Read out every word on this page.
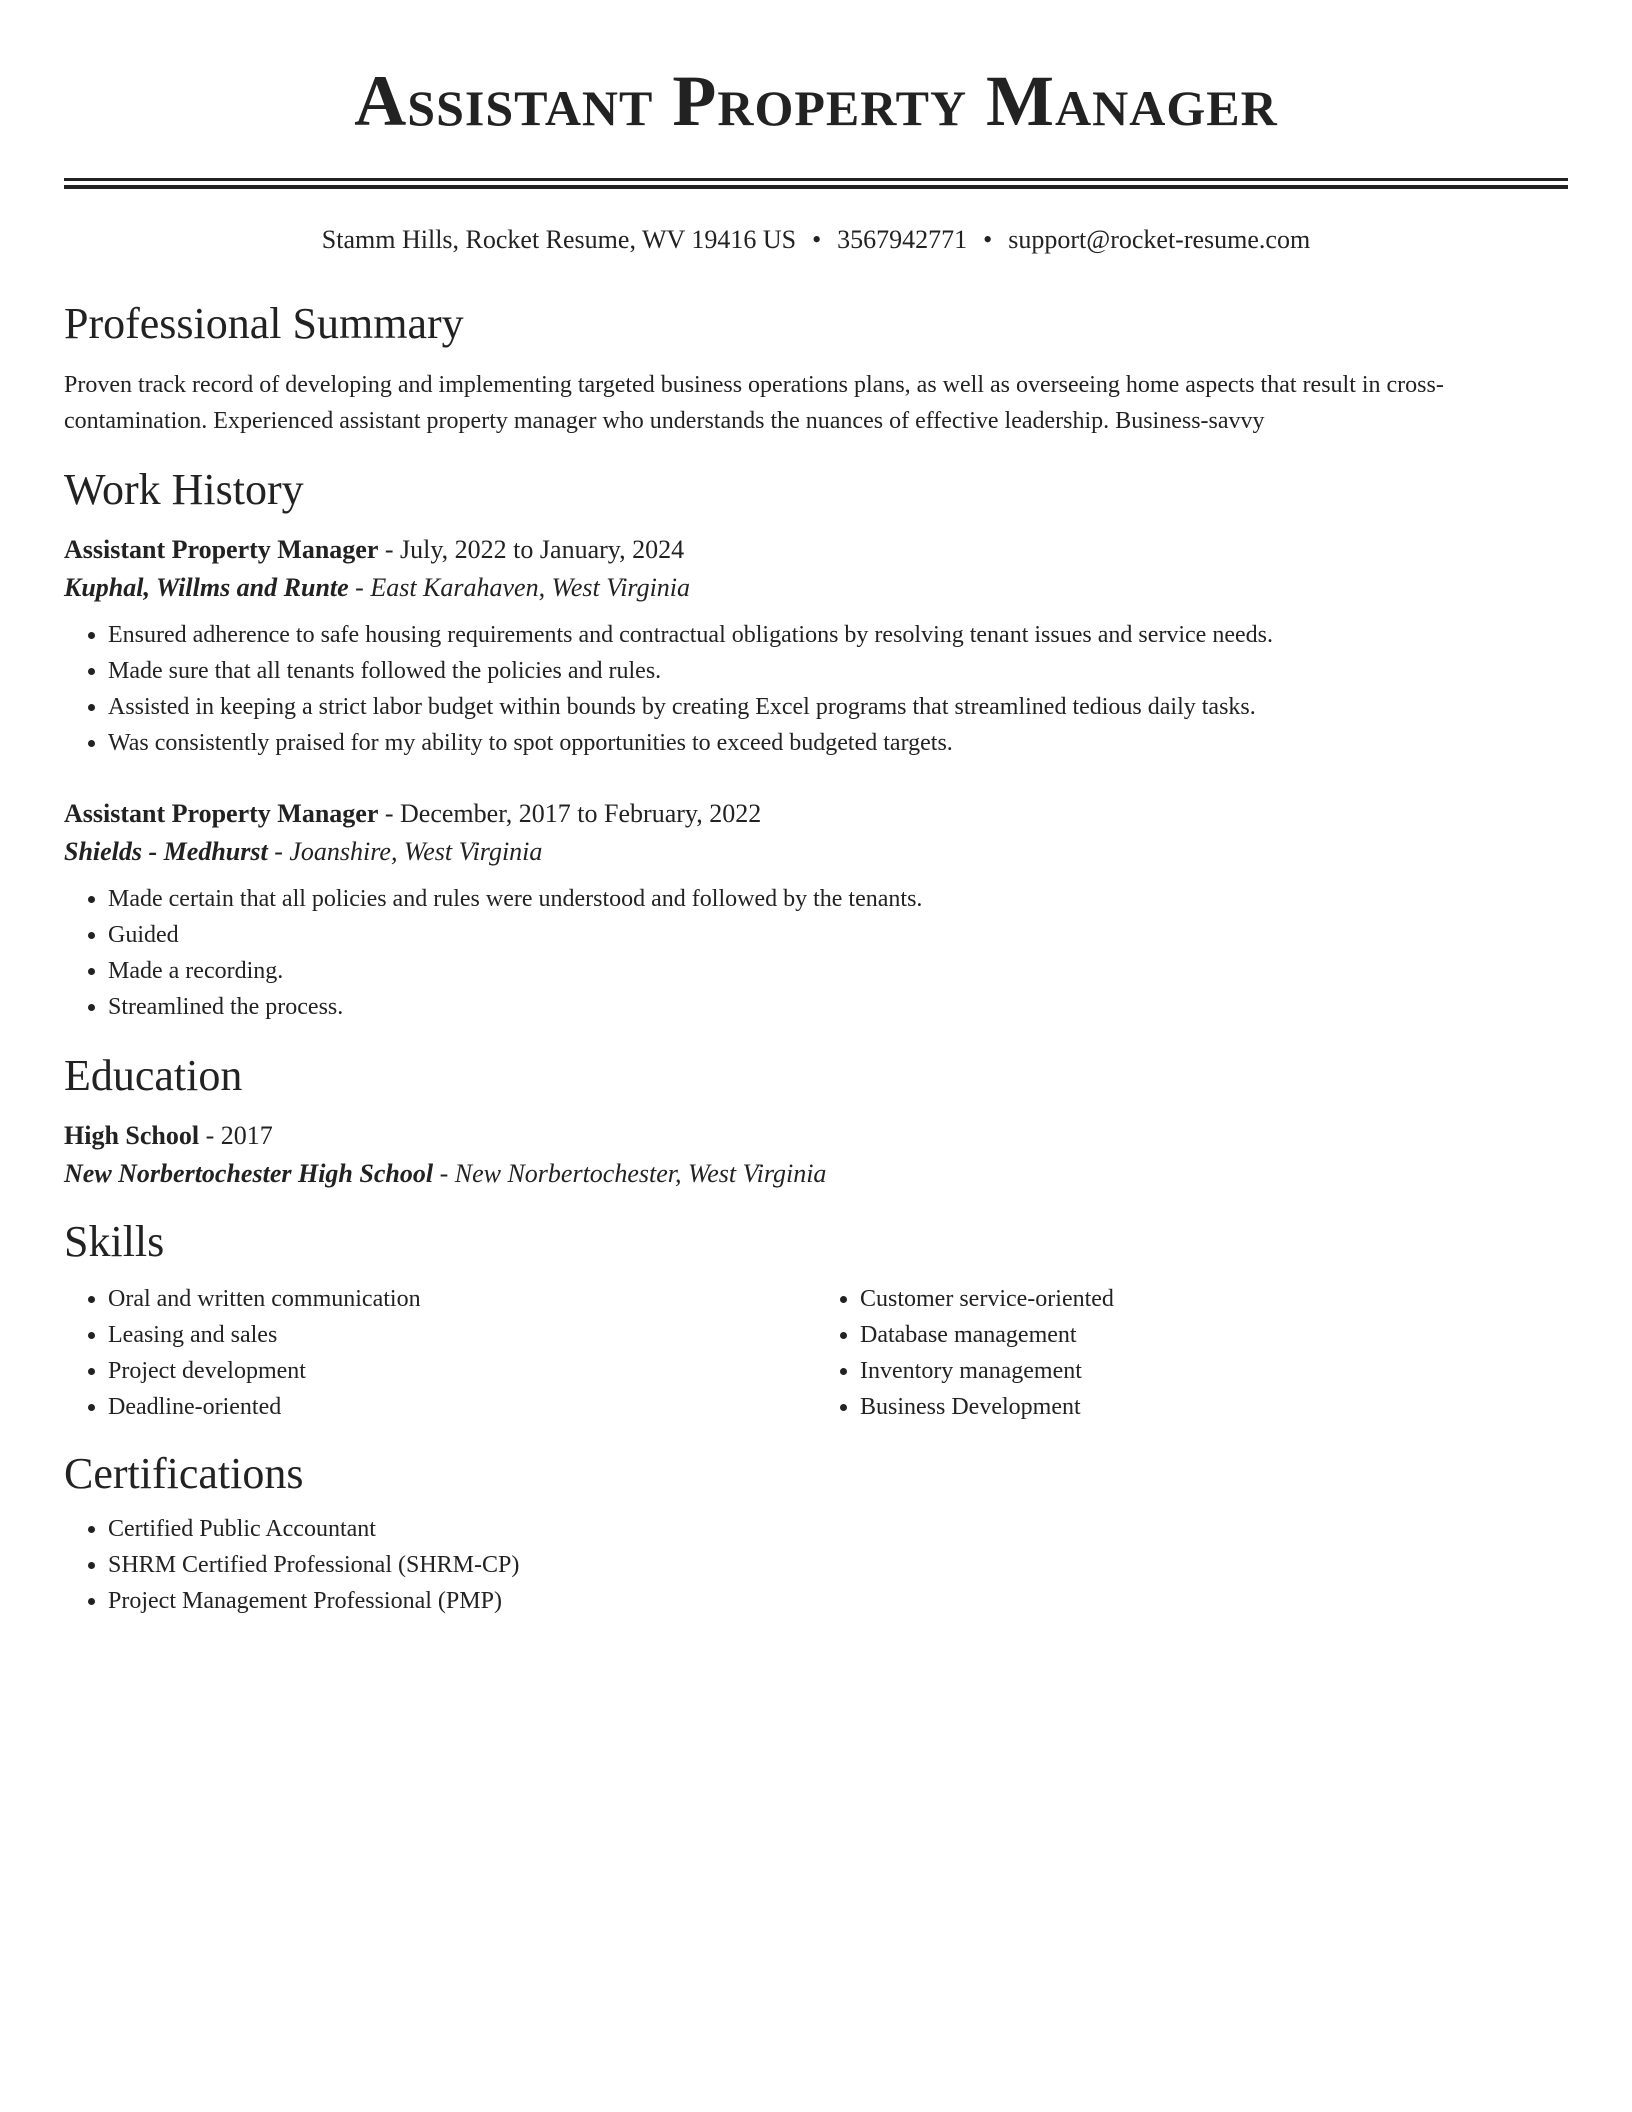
Assistant Property Manager
Stamm Hills, Rocket Resume, WV 19416 US • 3567942771 • support@rocket-resume.com
Professional Summary
Proven track record of developing and implementing targeted business operations plans, as well as overseeing home aspects that result in cross-contamination. Experienced assistant property manager who understands the nuances of effective leadership. Business-savvy
Work History
Assistant Property Manager - July, 2022 to January, 2024
Kuphal, Willms and Runte - East Karahaven, West Virginia
• Ensured adherence to safe housing requirements and contractual obligations by resolving tenant issues and service needs.
• Made sure that all tenants followed the policies and rules.
• Assisted in keeping a strict labor budget within bounds by creating Excel programs that streamlined tedious daily tasks.
• Was consistently praised for my ability to spot opportunities to exceed budgeted targets.
Assistant Property Manager - December, 2017 to February, 2022
Shields - Medhurst - Joanshire, West Virginia
• Made certain that all policies and rules were understood and followed by the tenants.
• Guided
• Made a recording.
• Streamlined the process.
Education
High School - 2017
New Norbertochester High School - New Norbertochester, West Virginia
Skills
• Oral and written communication
• Leasing and sales
• Project development
• Deadline-oriented
• Customer service-oriented
• Database management
• Inventory management
• Business Development
Certifications
• Certified Public Accountant
• SHRM Certified Professional (SHRM-CP)
• Project Management Professional (PMP)
